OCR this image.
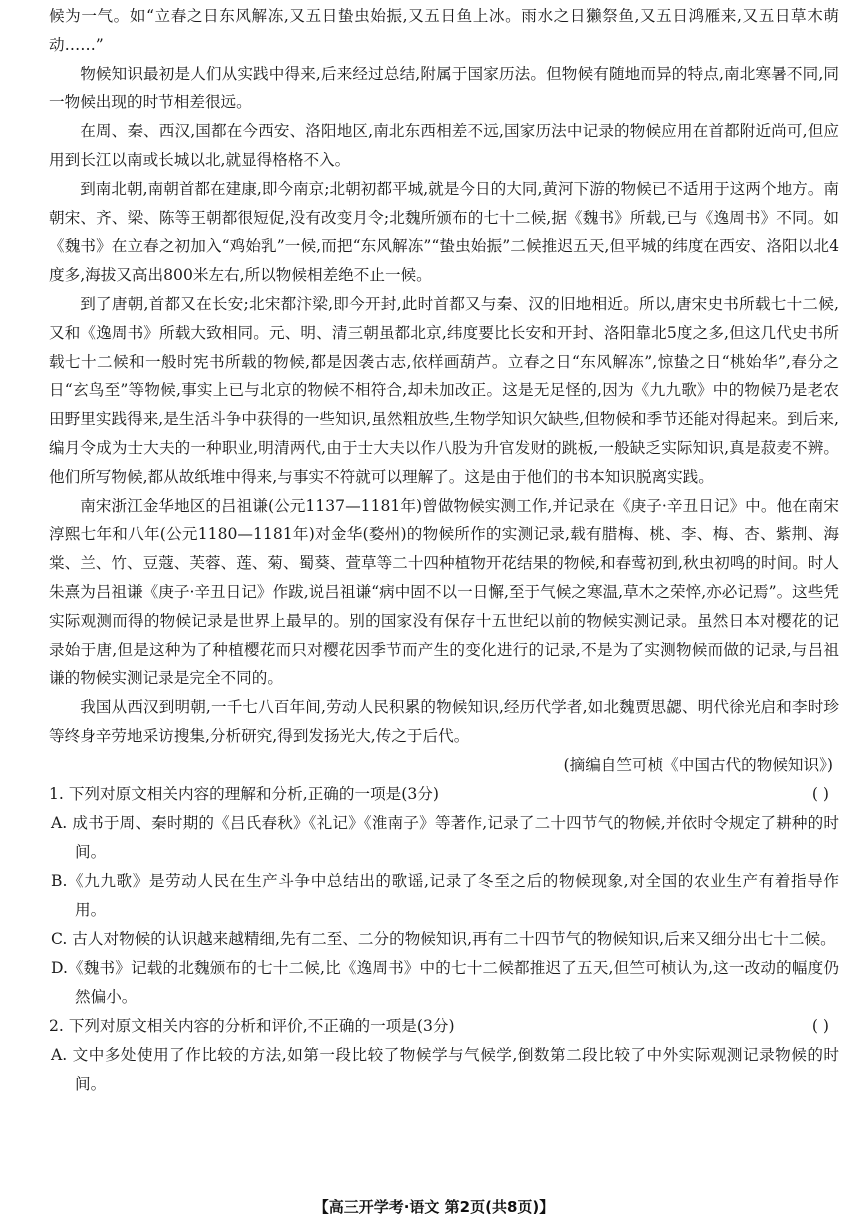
候为一气。如“立春之日东风解冻,又五日蛰虫始振,又五日鱼上冰。雨水之日獭祭鱼,又五日鸿雁来,又五日草木萌动……”

物候知识最初是人们从实践中得来,后来经过总结,附属于国家历法。但物候有随地而异的特点,南北寒暑不同,同一物候出现的时节相差很远。

在周、秦、西汉,国都在今西安、洛阳地区,南北东西相差不远,国家历法中记录的物候应用在首都附近尚可,但应用到长江以南或长城以北,就显得格格不入。

到南北朝,南朝首都在建康,即今南京;北朝初都平城,就是今日的大同,黄河下游的物候已不适用于这两个地方。南朝宋、齐、梁、陈等王朝都很短促,没有改变月令;北魏所颁布的七十二候,据《魏书》所载,已与《逸周书》不同。如《魏书》在立春之初加入“鸡始乳”一候,而把“东风解冻”“蛰虫始振”二候推迟五天,但平城的纬度在西安、洛阳以北4度多,海拔又高出800米左右,所以物候相差绝不止一候。

到了唐朝,首都又在长安;北宋都汴梁,即今开封,此时首都又与秦、汉的旧地相近。所以,唐宋史书所载七十二候,又和《逸周书》所载大致相同。元、明、清三朝虽都北京,纬度要比长安和开封、洛阳靠北5度之多,但这几代史书所载七十二候和一般时宪书所载的物候,都是因袭古志,依样画葫芦。立春之日“东风解冻”,惊蛰之日“桃始华”,春分之日“玄鸟至”等物候,事实上已与北京的物候不相符合,却未加改正。这是无足怪的,因为《九九歌》中的物候乃是老农田野里实践得来,是生活斗争中获得的一些知识,虽然粗放些,生物学知识欠缺些,但物候和季节还能对得起来。到后来,编月令成为士大夫的一种职业,明清两代,由于士大夫以作八股为升官发财的跳板,一般缺乏实际知识,真是菽麦不辨。他们所写物候,都从故纸堆中得来,与事实不符就可以理解了。这是由于他们的书本知识脱离实践。

南宋浙江金华地区的吕祖谦(公元1137—1181年)曾做物候实测工作,并记录在《庚子·辛丑日记》中。他在南宋淳熙七年和八年(公元1180—1181年)对金华(婺州)的物候所作的实测记录,载有腊梅、桃、李、梅、杏、紫荆、海棠、兰、竹、豆蔻、芙蓉、莲、菊、蜀葵、萱草等二十四种植物开花结果的物候,和春莺初到,秋虫初鸣的时间。时人朱熹为吕祖谦《庚子·辛丑日记》作跋,说吕祖谦“病中固不以一日懈,至于气候之寒温,草木之荣悴,亦必记焉”。这些凭实际观测而得的物候记录是世界上最早的。别的国家没有保存十五世纪以前的物候实测记录。虽然日本对樱花的记录始于唐,但是这种为了种植樱花而只对樱花因季节而产生的变化进行的记录,不是为了实测物候而做的记录,与吕祖谦的物候实测记录是完全不同的。

我国从西汉到明朝,一千七八百年间,劳动人民积累的物候知识,经历代学者,如北魏贾思勰、明代徐光启和李时珍等终身辛劳地采访搜集,分析研究,得到发扬光大,传之于后代。

(摘编自竺可桢《中国古代的物候知识》)

1. 下列对原文相关内容的理解和分析,正确的一项是(3分)	( )

A. 成书于周、秦时期的《吕氏春秋》《礼记》《淮南子》等著作,记录了二十四节气的物候,并依时令规定了耕种的时间。

B.《九九歌》是劳动人民在生产斗争中总结出的歌谣,记录了冬至之后的物候现象,对全国的农业生产有着指导作用。

C. 古人对物候的认识越来越精细,先有二至、二分的物候知识,再有二十四节气的物候知识,后来又细分出七十二候。

D.《魏书》记载的北魏颁布的七十二候,比《逸周书》中的七十二候都推迟了五天,但竺可桢认为,这一改动的幅度仍然偏小。

2. 下列对原文相关内容的分析和评价,不正确的一项是(3分)	( )

A. 文中多处使用了作比较的方法,如第一段比较了物候学与气候学,倒数第二段比较了中外实际观测记录物候的时间。

【高三开学考·语文 第2页(共8页)】
